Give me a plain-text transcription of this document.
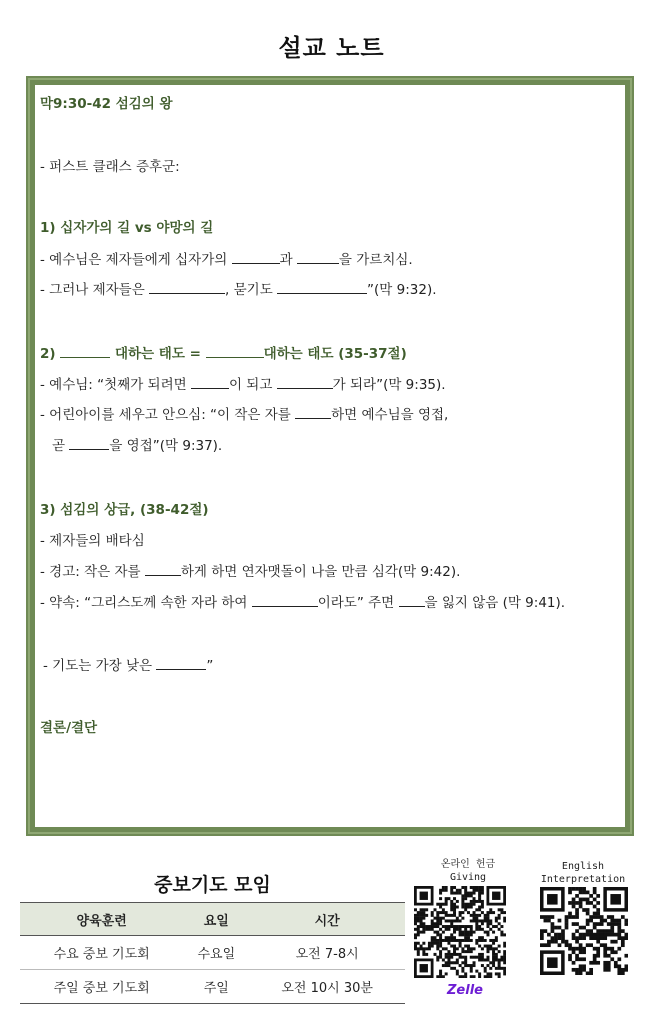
설교 노트
막9:30-42 섬김의 왕
- 퍼스트 클래스 증후군:
1) 십자가의 길 vs 야망의 길
- 예수님은 제자들에게 십자가의	과	을 가르치심.
- 그러나 제자들은	, 묻기도	”(막 9:32).
2)	대하는 태도 =	대하는 태도 (35-37절)
- 예수님: “첫째가 되려면	이 되고	가 되라”(막 9:35).
- 어린아이를 세우고 안으심: “이 작은 자를	하면 예수님을 영접,
곧	을 영접”(막 9:37).
3) 섬김의 상급, (38-42절)
- 제자들의 배타심
- 경고: 작은 자를	하게 하면 연자맷돌이 나을 만큼 심각(막 9:42).
- 약속: “그리스도께 속한 자라 하여	이라도” 주면 을 잃지 않음 (막 9:41).
- 기도는 가장 낮은	”
결론/결단
중보기도 모임
양육훈련	요일	시간
수요 중보 기도회	수요일	오전 7-8시
주일 중보 기도회	주일	오전 10시 30분
온라인 헌금
Giving
Zelle
English
Interpretation
